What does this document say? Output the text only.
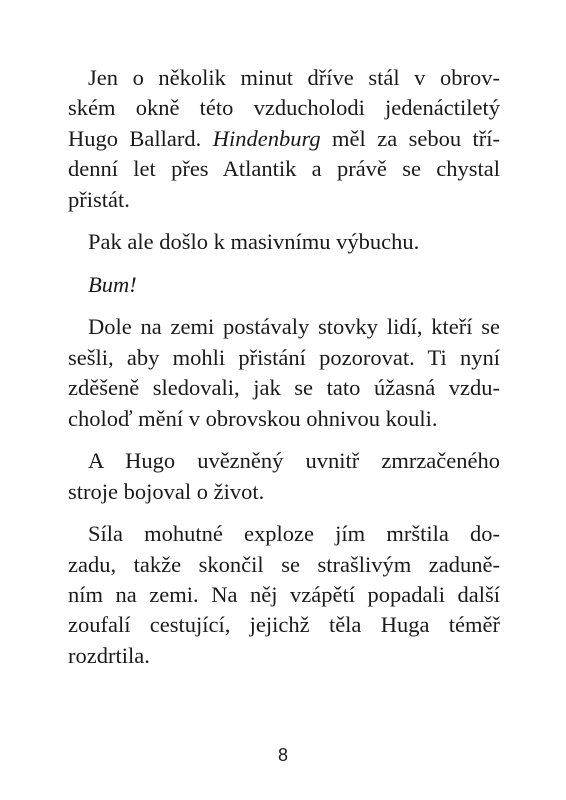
Jen o několik minut dříve stál v obrov-
ském okně této vzducholodi jedenáctiletý
Hugo Ballard. Hindenburg měl za sebou tří-
denní let přes Atlantik a právě se chystal
přistát.
Pak ale došlo k masivnímu výbuchu.
Bum!
Dole na zemi postávaly stovky lidí, kteří se
sešli, aby mohli přistání pozorovat. Ti nyní
zděšeně sledovali, jak se tato úžasná vzdu-
choloď mění v obrovskou ohnivou kouli.
A Hugo uvězněný uvnitř zmrzačeného
stroje bojoval o život.
Síla mohutné exploze jím mrštila do-
zadu, takže skončil se strašlivým zaduně-
ním na zemi. Na něj vzápětí popadali další
zoufalí cestující, jejichž těla Huga téměř
rozdrtila.
8
